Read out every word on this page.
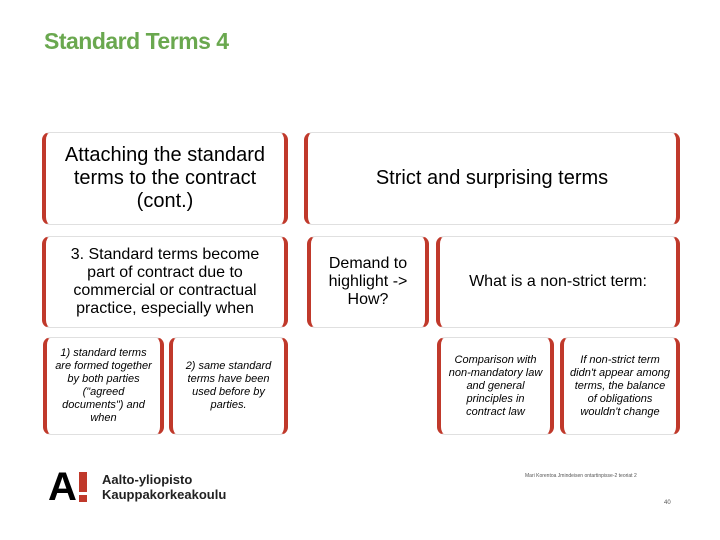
Standard Terms 4
Attaching the standard terms to the contract (cont.)
Strict and surprising terms
3. Standard terms become part of contract due to commercial or contractual practice, especially when
Demand to highlight -> How?
What is a non-strict term:
1) standard terms are formed together by both parties ("agreed documents") and when
2) same standard terms have been used before by parties.
Comparison with non-mandatory law and general principles in contract law
If non-strict term didn't appear among terms, the balance of obligations wouldn't change
A Aalto-yliopisto
Kauppakorkeakoulu
Mari Korentoa Jmindeisen ontartinpisse-2 teoriat 2
40
